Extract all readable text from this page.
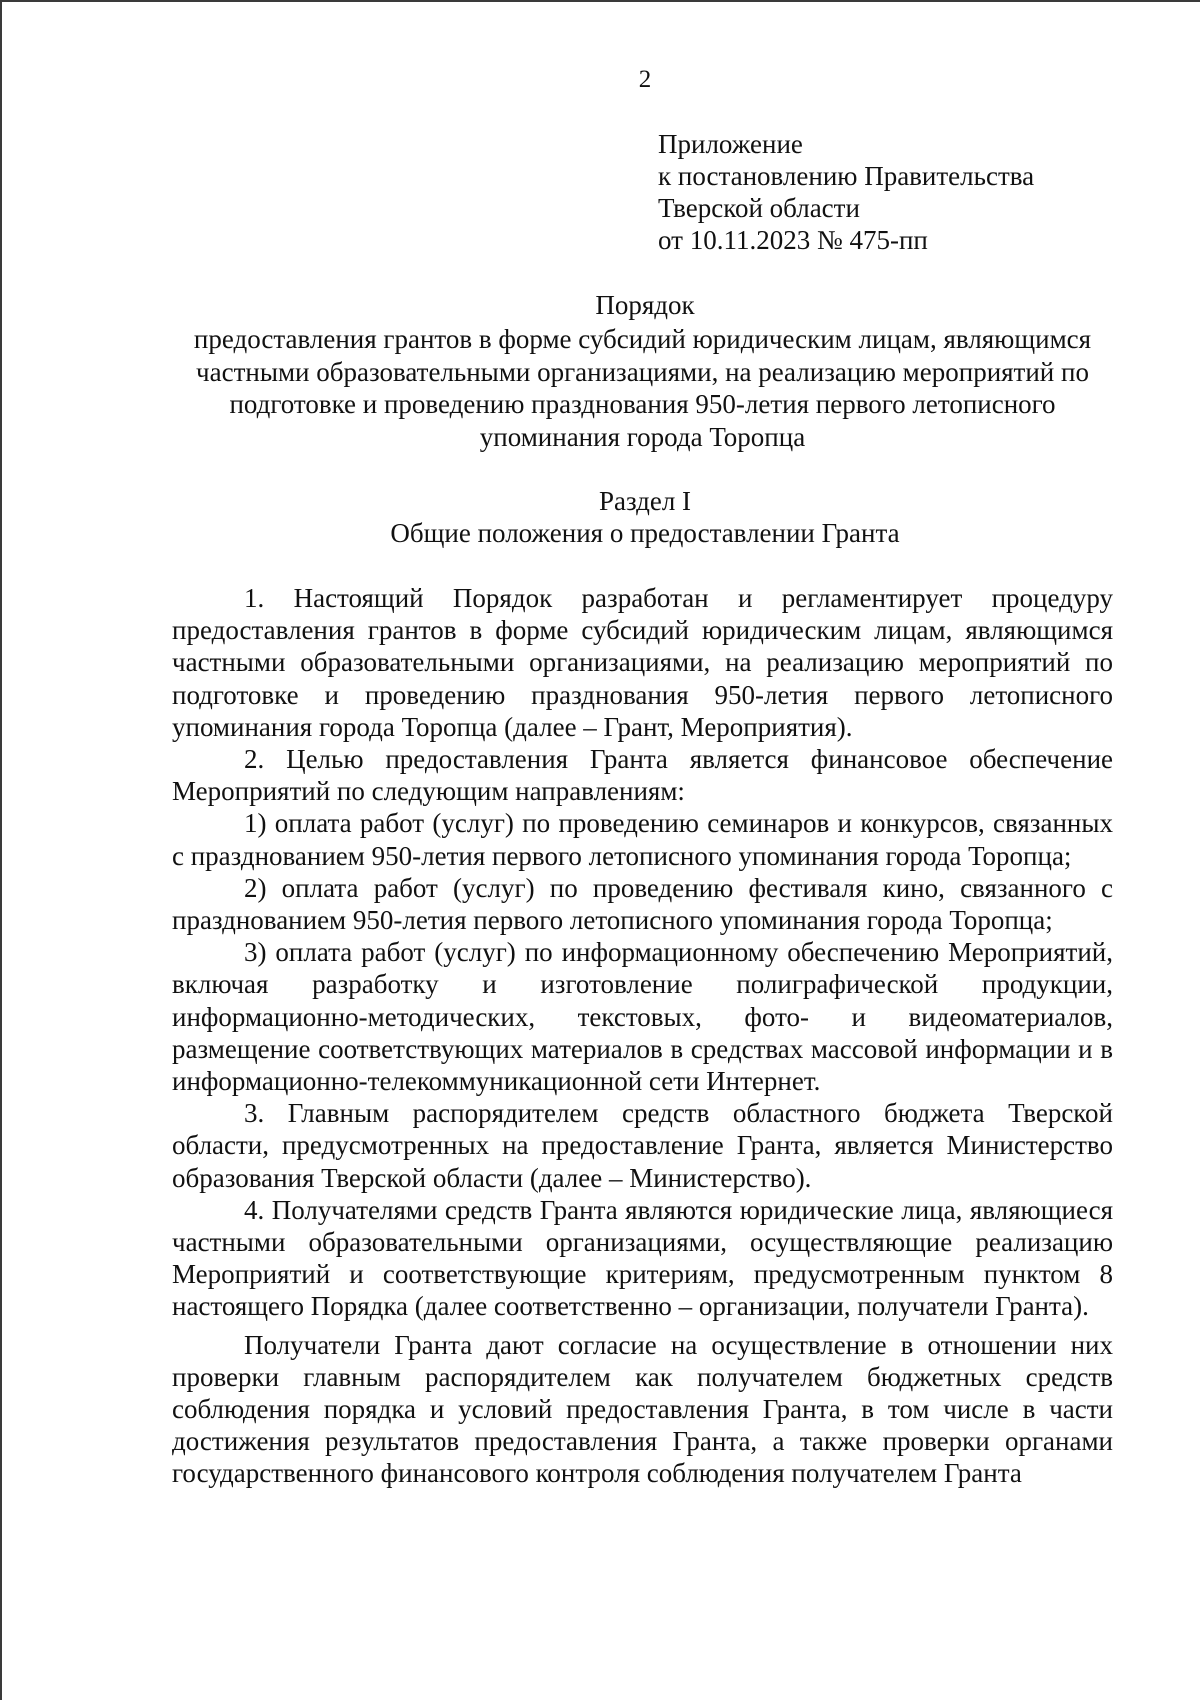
2
Приложение
к постановлению Правительства
Тверской области
от 10.11.2023 № 475-пп
Порядок
предоставления грантов в форме субсидий юридическим лицам, являющимся частными образовательными организациями, на реализацию мероприятий по подготовке и проведению празднования 950-летия первого летописного упоминания города Торопца
Раздел I
Общие положения о предоставлении Гранта

1. Настоящий Порядок разработан и регламентирует процедуру предоставления грантов в форме субсидий юридическим лицам, являющимся частными образовательными организациями, на реализацию мероприятий по подготовке и проведению празднования 950-летия первого летописного упоминания города Торопца (далее – Грант, Мероприятия).

2. Целью предоставления Гранта является финансовое обеспечение Мероприятий по следующим направлениям:

1) оплата работ (услуг) по проведению семинаров и конкурсов, связанных с празднованием 950-летия первого летописного упоминания города Торопца;

2) оплата работ (услуг) по проведению фестиваля кино, связанного с празднованием 950-летия первого летописного упоминания города Торопца;

3) оплата работ (услуг) по информационному обеспечению Мероприятий, включая разработку и изготовление полиграфической продукции, информационно-методических, текстовых, фото- и видеоматериалов, размещение соответствующих материалов в средствах массовой информации и в информационно-телекоммуникационной сети Интернет.

3. Главным распорядителем средств областного бюджета Тверской области, предусмотренных на предоставление Гранта, является Министерство образования Тверской области (далее – Министерство).

4. Получателями средств Гранта являются юридические лица, являющиеся частными образовательными организациями, осуществляющие реализацию Мероприятий и соответствующие критериям, предусмотренным пунктом 8 настоящего Порядка (далее соответственно – организации, получатели Гранта).

Получатели Гранта дают согласие на осуществление в отношении них проверки главным распорядителем как получателем бюджетных средств соблюдения порядка и условий предоставления Гранта, в том числе в части достижения результатов предоставления Гранта, а также проверки органами государственного финансового контроля соблюдения получателем Гранта
